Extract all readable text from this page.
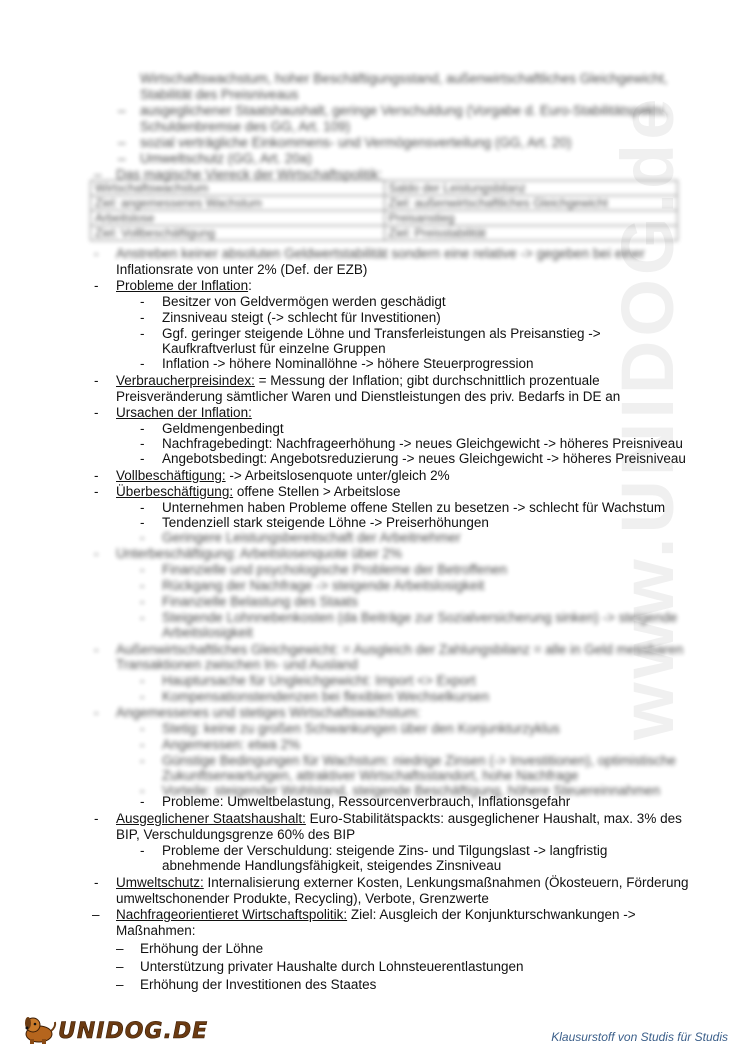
www.UNIDOG.de
Wirtschaftswachstum, hoher Beschäftigungsstand, außenwirtschaftliches Gleichgewicht,
Stabilität des Preisniveaus
– ausgeglichener Staatshaushalt, geringe Verschuldung (Vorgabe d. Euro-Stabilitätspakts,
Schuldenbremse des GG, Art. 109)
– sozial verträgliche Einkommens- und Vermögensverteilung (GG, Art. 20)
– Umweltschutz (GG, Art. 20a)
– Das magische Viereck der Wirtschaftspolitik:
Wirtschaftswachstum	Saldo der Leistungsbilanz
Ziel: angemessenes Wachstum	Ziel: außenwirtschaftliches Gleichgewicht
Arbeitslose	Preisanstieg
Ziel: Vollbeschäftigung	Ziel: Preisstabilität
- Anstreben keiner absoluten Geldwertstabilität sondern eine relative -> gegeben bei einer
Inflationsrate von unter 2% (Def. der EZB)
- Probleme der Inflation:
- Besitzer von Geldvermögen werden geschädigt
- Zinsniveau steigt (-> schlecht für Investitionen)
- Ggf. geringer steigende Löhne und Transferleistungen als Preisanstieg ->
Kaufkraftverlust für einzelne Gruppen
- Inflation -> höhere Nominallöhne -> höhere Steuerprogression
- Verbraucherpreisindex: = Messung der Inflation; gibt durchschnittlich prozentuale
Preisveränderung sämtlicher Waren und Dienstleistungen des priv. Bedarfs in DE an
- Ursachen der Inflation:
- Geldmengenbedingt
- Nachfragebedingt: Nachfrageerhöhung -> neues Gleichgewicht -> höheres Preisniveau
- Angebotsbedingt: Angebotsreduzierung -> neues Gleichgewicht -> höheres Preisniveau
- Vollbeschäftigung: -> Arbeitslosenquote unter/gleich 2%
- Überbeschäftigung: offene Stellen > Arbeitslose
- Unternehmen haben Probleme offene Stellen zu besetzen -> schlecht für Wachstum
- Tendenziell stark steigende Löhne -> Preiserhöhungen
- Geringere Leistungsbereitschaft der Arbeitnehmer
- Unterbeschäftigung: Arbeitslosenquote über 2%
- Finanzielle und psychologische Probleme der Betroffenen
- Rückgang der Nachfrage -> steigende Arbeitslosigkeit
- Finanzielle Belastung des Staats
- Steigende Lohnnebenkosten (da Beiträge zur Sozialversicherung sinken) -> steigende
Arbeitslosigkeit
- Außenwirtschaftliches Gleichgewicht: = Ausgleich der Zahlungsbilanz = alle in Geld messbaren
Transaktionen zwischen In- und Ausland
- Hauptursache für Ungleichgewicht: Import <> Export
- Kompensationstendenzen bei flexiblen Wechselkursen
- Angemessenes und stetiges Wirtschaftswachstum:
- Stetig: keine zu großen Schwankungen über den Konjunkturzyklus
- Angemessen: etwa 2%
- Günstige Bedingungen für Wachstum: niedrige Zinsen (-> Investitionen), optimistische
Zukunftserwartungen, attraktiver Wirtschaftsstandort, hohe Nachfrage
- Vorteile: steigender Wohlstand, steigende Beschäftigung, höhere Steuereinnahmen
- Probleme: Umweltbelastung, Ressourcenverbrauch, Inflationsgefahr
- Ausgeglichener Staatshaushalt: Euro-Stabilitätspackts: ausgeglichener Haushalt, max. 3% des
BIP, Verschuldungsgrenze 60% des BIP
- Probleme der Verschuldung: steigende Zins- und Tilgungslast -> langfristig
abnehmende Handlungsfähigkeit, steigendes Zinsniveau
- Umweltschutz: Internalisierung externer Kosten, Lenkungsmaßnahmen (Ökosteuern, Förderung
umweltschonender Produkte, Recycling), Verbote, Grenzwerte
– Nachfrageorientieret Wirtschaftspolitik: Ziel: Ausgleich der Konjunkturschwankungen ->
Maßnahmen:
– Erhöhung der Löhne
– Unterstützung privater Haushalte durch Lohnsteuerentlastungen
– Erhöhung der Investitionen des Staates
UNIDOG.DE	Klausurstoff von Studis für Studis
